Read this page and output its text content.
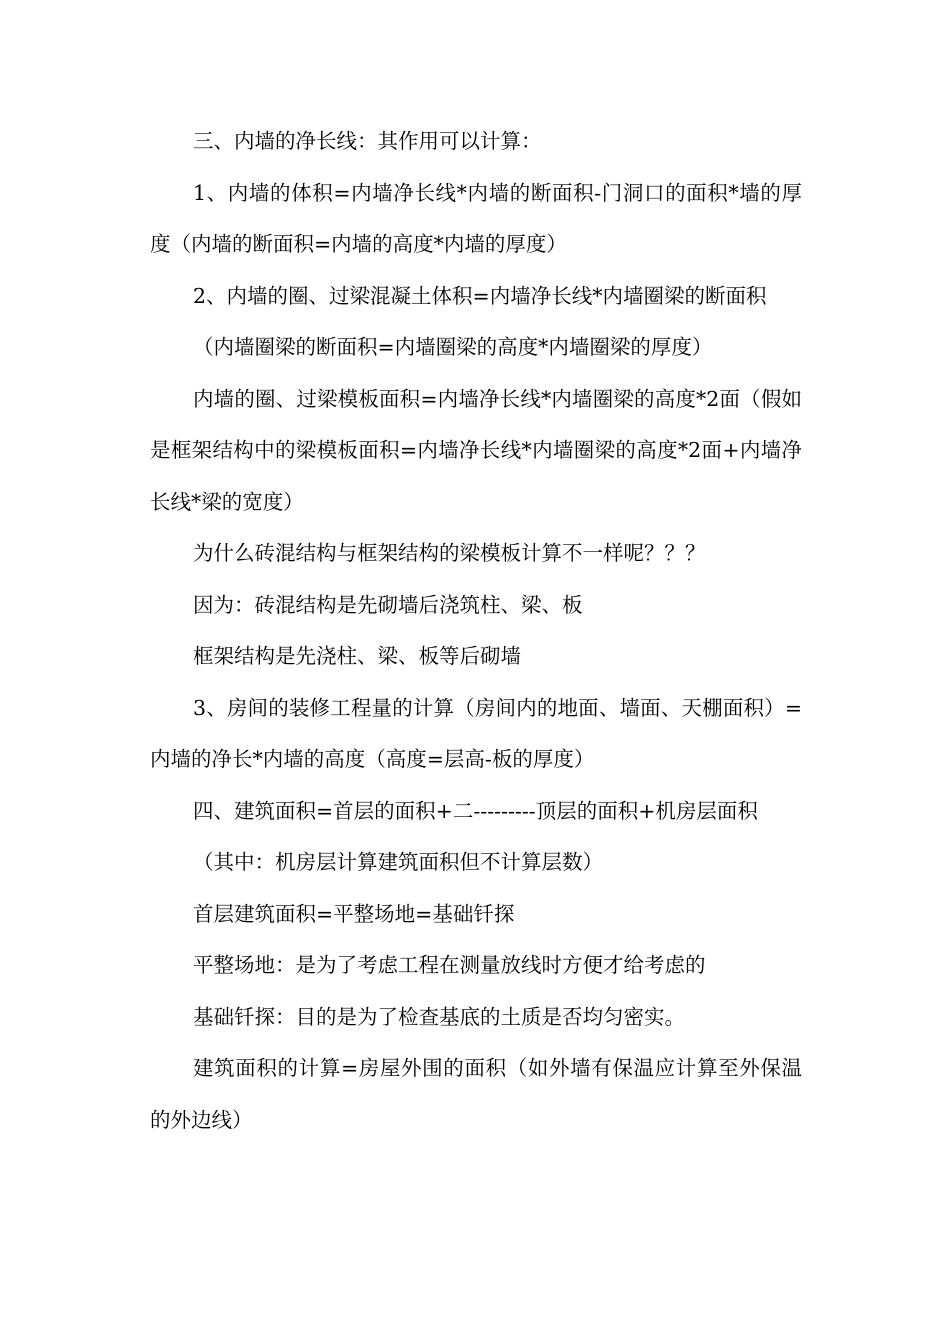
三、内墙的净长线：其作用可以计算：

1、内墙的体积=内墙净长线*内墙的断面积-门洞口的面积*墙的厚度（内墙的断面积=内墙的高度*内墙的厚度）

2、内墙的圈、过梁混凝土体积=内墙净长线*内墙圈梁的断面积

（内墙圈梁的断面积=内墙圈梁的高度*内墙圈梁的厚度）

内墙的圈、过梁模板面积=内墙净长线*内墙圈梁的高度*2面（假如是框架结构中的梁模板面积=内墙净长线*内墙圈梁的高度*2面+内墙净长线*梁的宽度）

为什么砖混结构与框架结构的梁模板计算不一样呢？？？

因为：砖混结构是先砌墙后浇筑柱、梁、板

框架结构是先浇柱、梁、板等后砌墙

3、房间的装修工程量的计算（房间内的地面、墙面、天棚面积）=内墙的净长*内墙的高度（高度=层高-板的厚度）

四、建筑面积=首层的面积+二---------顶层的面积+机房层面积

（其中：机房层计算建筑面积但不计算层数）

首层建筑面积=平整场地=基础钎探

平整场地：是为了考虑工程在测量放线时方便才给考虑的

基础钎探：目的是为了检查基底的土质是否均匀密实。

建筑面积的计算=房屋外围的面积（如外墙有保温应计算至外保温的外边线）
